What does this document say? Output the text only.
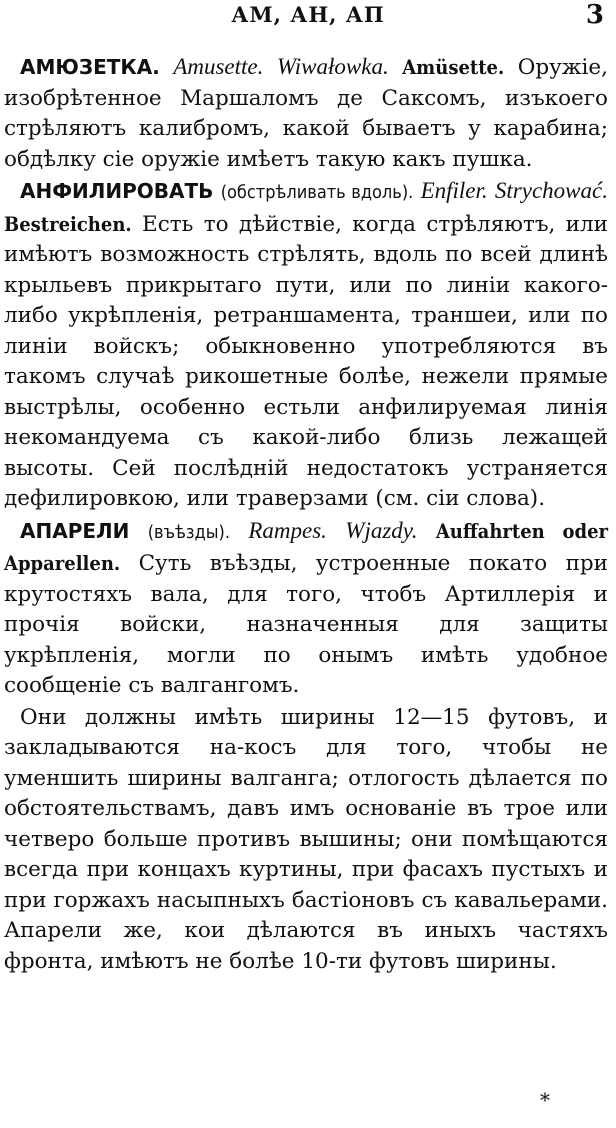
АМ, АН, АП	3

АМЮЗЕТКА. Amusette. Wiwałowka. Amüsette. Оружіе, изобрѣтенное Маршаломъ де Саксомъ, изъкоего стрѣляютъ калибромъ, какой бываетъ у карабина; обдѣлку сіе оружіе имѣетъ такую какъ пушка.

АНФИЛИРОВАТЬ (обстрѣливать вдоль). Enfiler. Strychować. Bestreichen. Есть то дѣйствіе, когда стрѣляютъ, или имѣютъ возможность стрѣлять, вдоль по всей длинѣ крыльевъ прикрытаго пути, или по линіи какого-либо укрѣпленія, ретраншамента, траншеи, или по линіи войскъ; обыкновенно употребляются въ такомъ случаѣ рикошетные болѣе, нежели прямые выстрѣлы, особенно естьли анфилируемая линія некомандуема съ какой-либо близь лежащей высоты. Сей послѣдній недостатокъ устраняется дефилировкою, или траверзами (см. сіи слова).

АПАРЕЛИ (въѣзды). Rampes. Wjazdy. Auffahrten oder Apparellen. Суть въѣзды, устроенные покато при крутостяхъ вала, для того, чтобъ Артиллерія и прочія войски, назначенныя для защиты укрѣпленія, могли по онымъ имѣть удобное сообщеніе съ валгангомъ.

Они должны имѣть ширины 12—15 футовъ, и закладываются на-косъ для того, чтобы не уменшить ширины валганга; отлогость дѣлается по обстоятельствамъ, давъ имъ основаніе въ трое или четверо больше противъ вышины; они помѣщаются всегда при концахъ куртины, при фасахъ пустыхъ и при горжахъ насыпныхъ бастіоновъ съ кавальерами. Апарели же, кои дѣлаются въ иныхъ частяхъ фронта, имѣютъ не болѣе 10-ти футовъ ширины.

*
